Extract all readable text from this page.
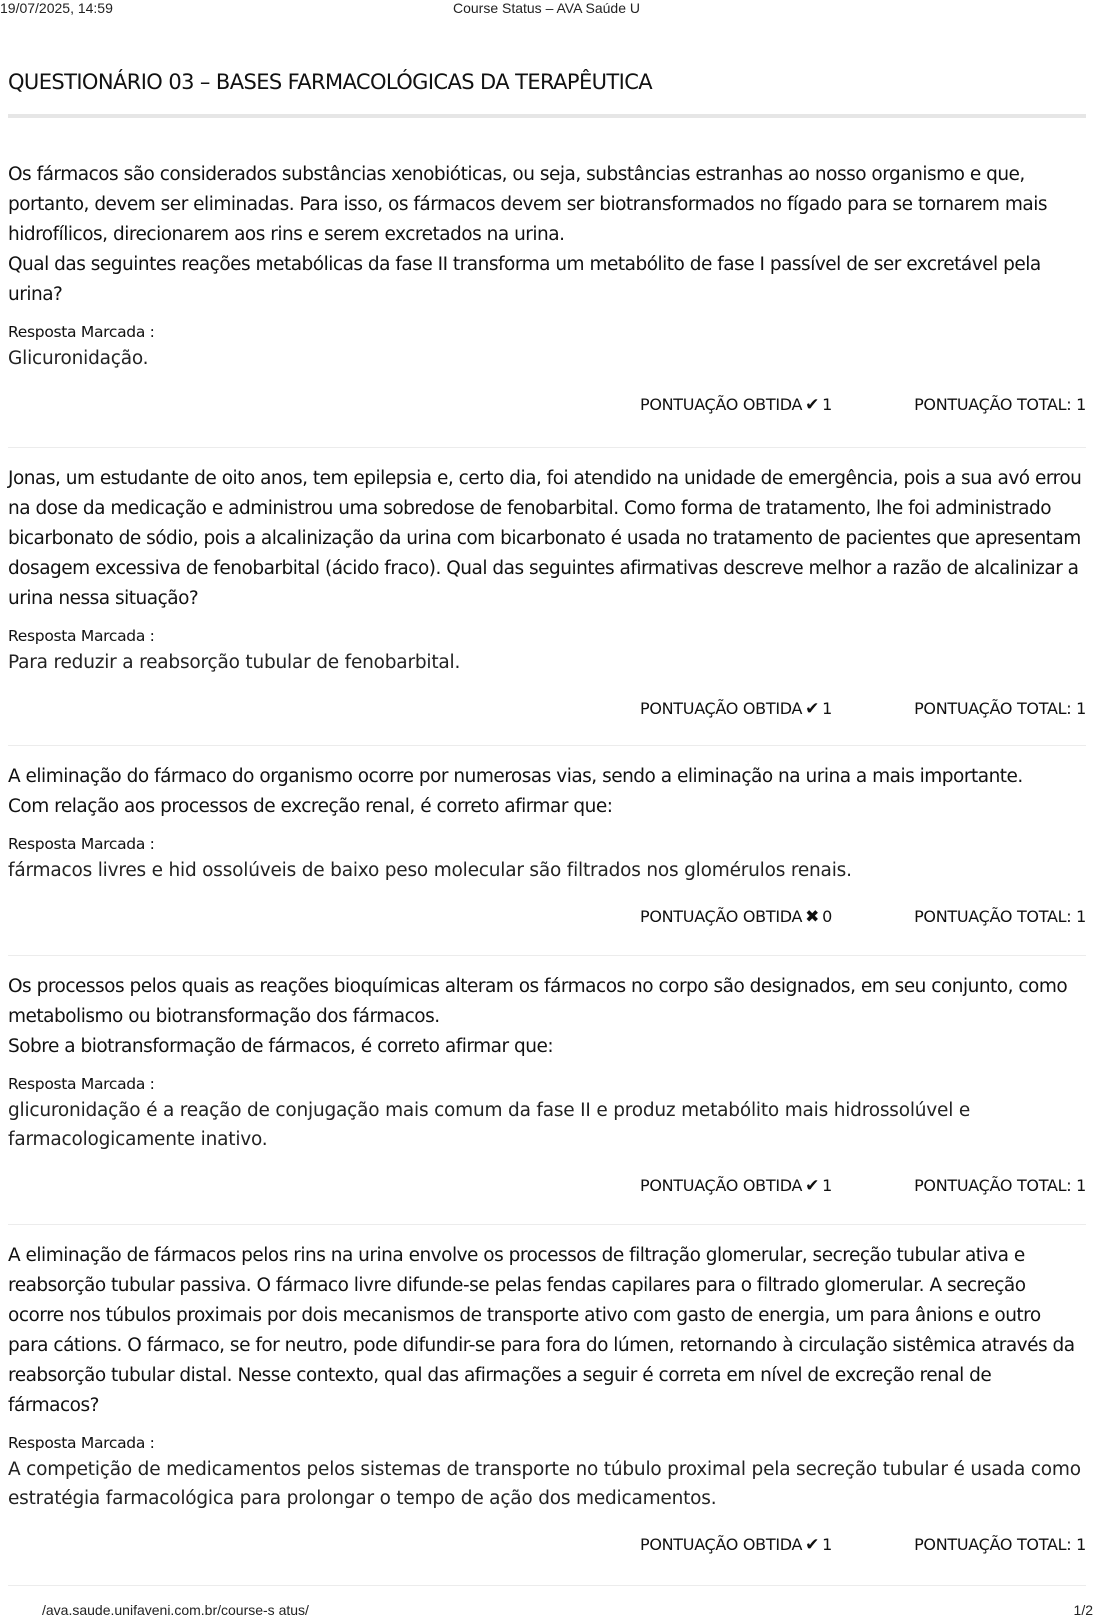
19/07/2025, 14:59	Course Status – AVA Saúde U
QUESTIONÁRIO 03 – BASES FARMACOLÓGICAS DA TERAPÊUTICA

Os fármacos são considerados substâncias xenobióticas, ou seja, substâncias estranhas ao nosso organismo e que, portanto, devem ser eliminadas. Para isso, os fármacos devem ser biotransformados no fígado para se tornarem mais hidrofílicos, direcionarem aos rins e serem excretados na urina.

Qual das seguintes reações metabólicas da fase II transforma um metabólito de fase I passível de ser excretável pela urina?

Resposta Marcada :

Glicuronidação.

PONTUAÇÃO OBTIDA ✔ 1	PONTUAÇÃO TOTAL: 1

Jonas, um estudante de oito anos, tem epilepsia e, certo dia, foi atendido na unidade de emergência, pois a sua avó errou na dose da medicação e administrou uma sobredose de fenobarbital. Como forma de tratamento, lhe foi administrado bicarbonato de sódio, pois a alcalinização da urina com bicarbonato é usada no tratamento de pacientes que apresentam dosagem excessiva de fenobarbital (ácido fraco). Qual das seguintes afirmativas descreve melhor a razão de alcalinizar a urina nessa situação?

Resposta Marcada :

Para reduzir a reabsorção tubular de fenobarbital.

PONTUAÇÃO OBTIDA ✔ 1	PONTUAÇÃO TOTAL: 1

A eliminação do fármaco do organismo ocorre por numerosas vias, sendo a eliminação na urina a mais importante.

Com relação aos processos de excreção renal, é correto afirmar que:

Resposta Marcada :

fármacos livres e hid ossolúveis de baixo peso molecular são filtrados nos glomérulos renais.

PONTUAÇÃO OBTIDA ✖ 0	PONTUAÇÃO TOTAL: 1

Os processos pelos quais as reações bioquímicas alteram os fármacos no corpo são designados, em seu conjunto, como metabolismo ou biotransformação dos fármacos.

Sobre a biotransformação de fármacos, é correto afirmar que:

Resposta Marcada :

glicuronidação é a reação de conjugação mais comum da fase II e produz metabólito mais hidrossolúvel e farmacologicamente inativo.

PONTUAÇÃO OBTIDA ✔ 1	PONTUAÇÃO TOTAL: 1

A eliminação de fármacos pelos rins na urina envolve os processos de filtração glomerular, secreção tubular ativa e reabsorção tubular passiva. O fármaco livre difunde-se pelas fendas capilares para o filtrado glomerular. A secreção ocorre nos túbulos proximais por dois mecanismos de transporte ativo com gasto de energia, um para ânions e outro para cátions. O fármaco, se for neutro, pode difundir-se para fora do lúmen, retornando à circulação sistêmica através da reabsorção tubular distal. Nesse contexto, qual das afirmações a seguir é correta em nível de excreção renal de fármacos?

Resposta Marcada :

A competição de medicamentos pelos sistemas de transporte no túbulo proximal pela secreção tubular é usada como estratégia farmacológica para prolongar o tempo de ação dos medicamentos.

PONTUAÇÃO OBTIDA ✔ 1	PONTUAÇÃO TOTAL: 1
/ava.saude.unifaveni.com.br/course-s atus/	1/2
